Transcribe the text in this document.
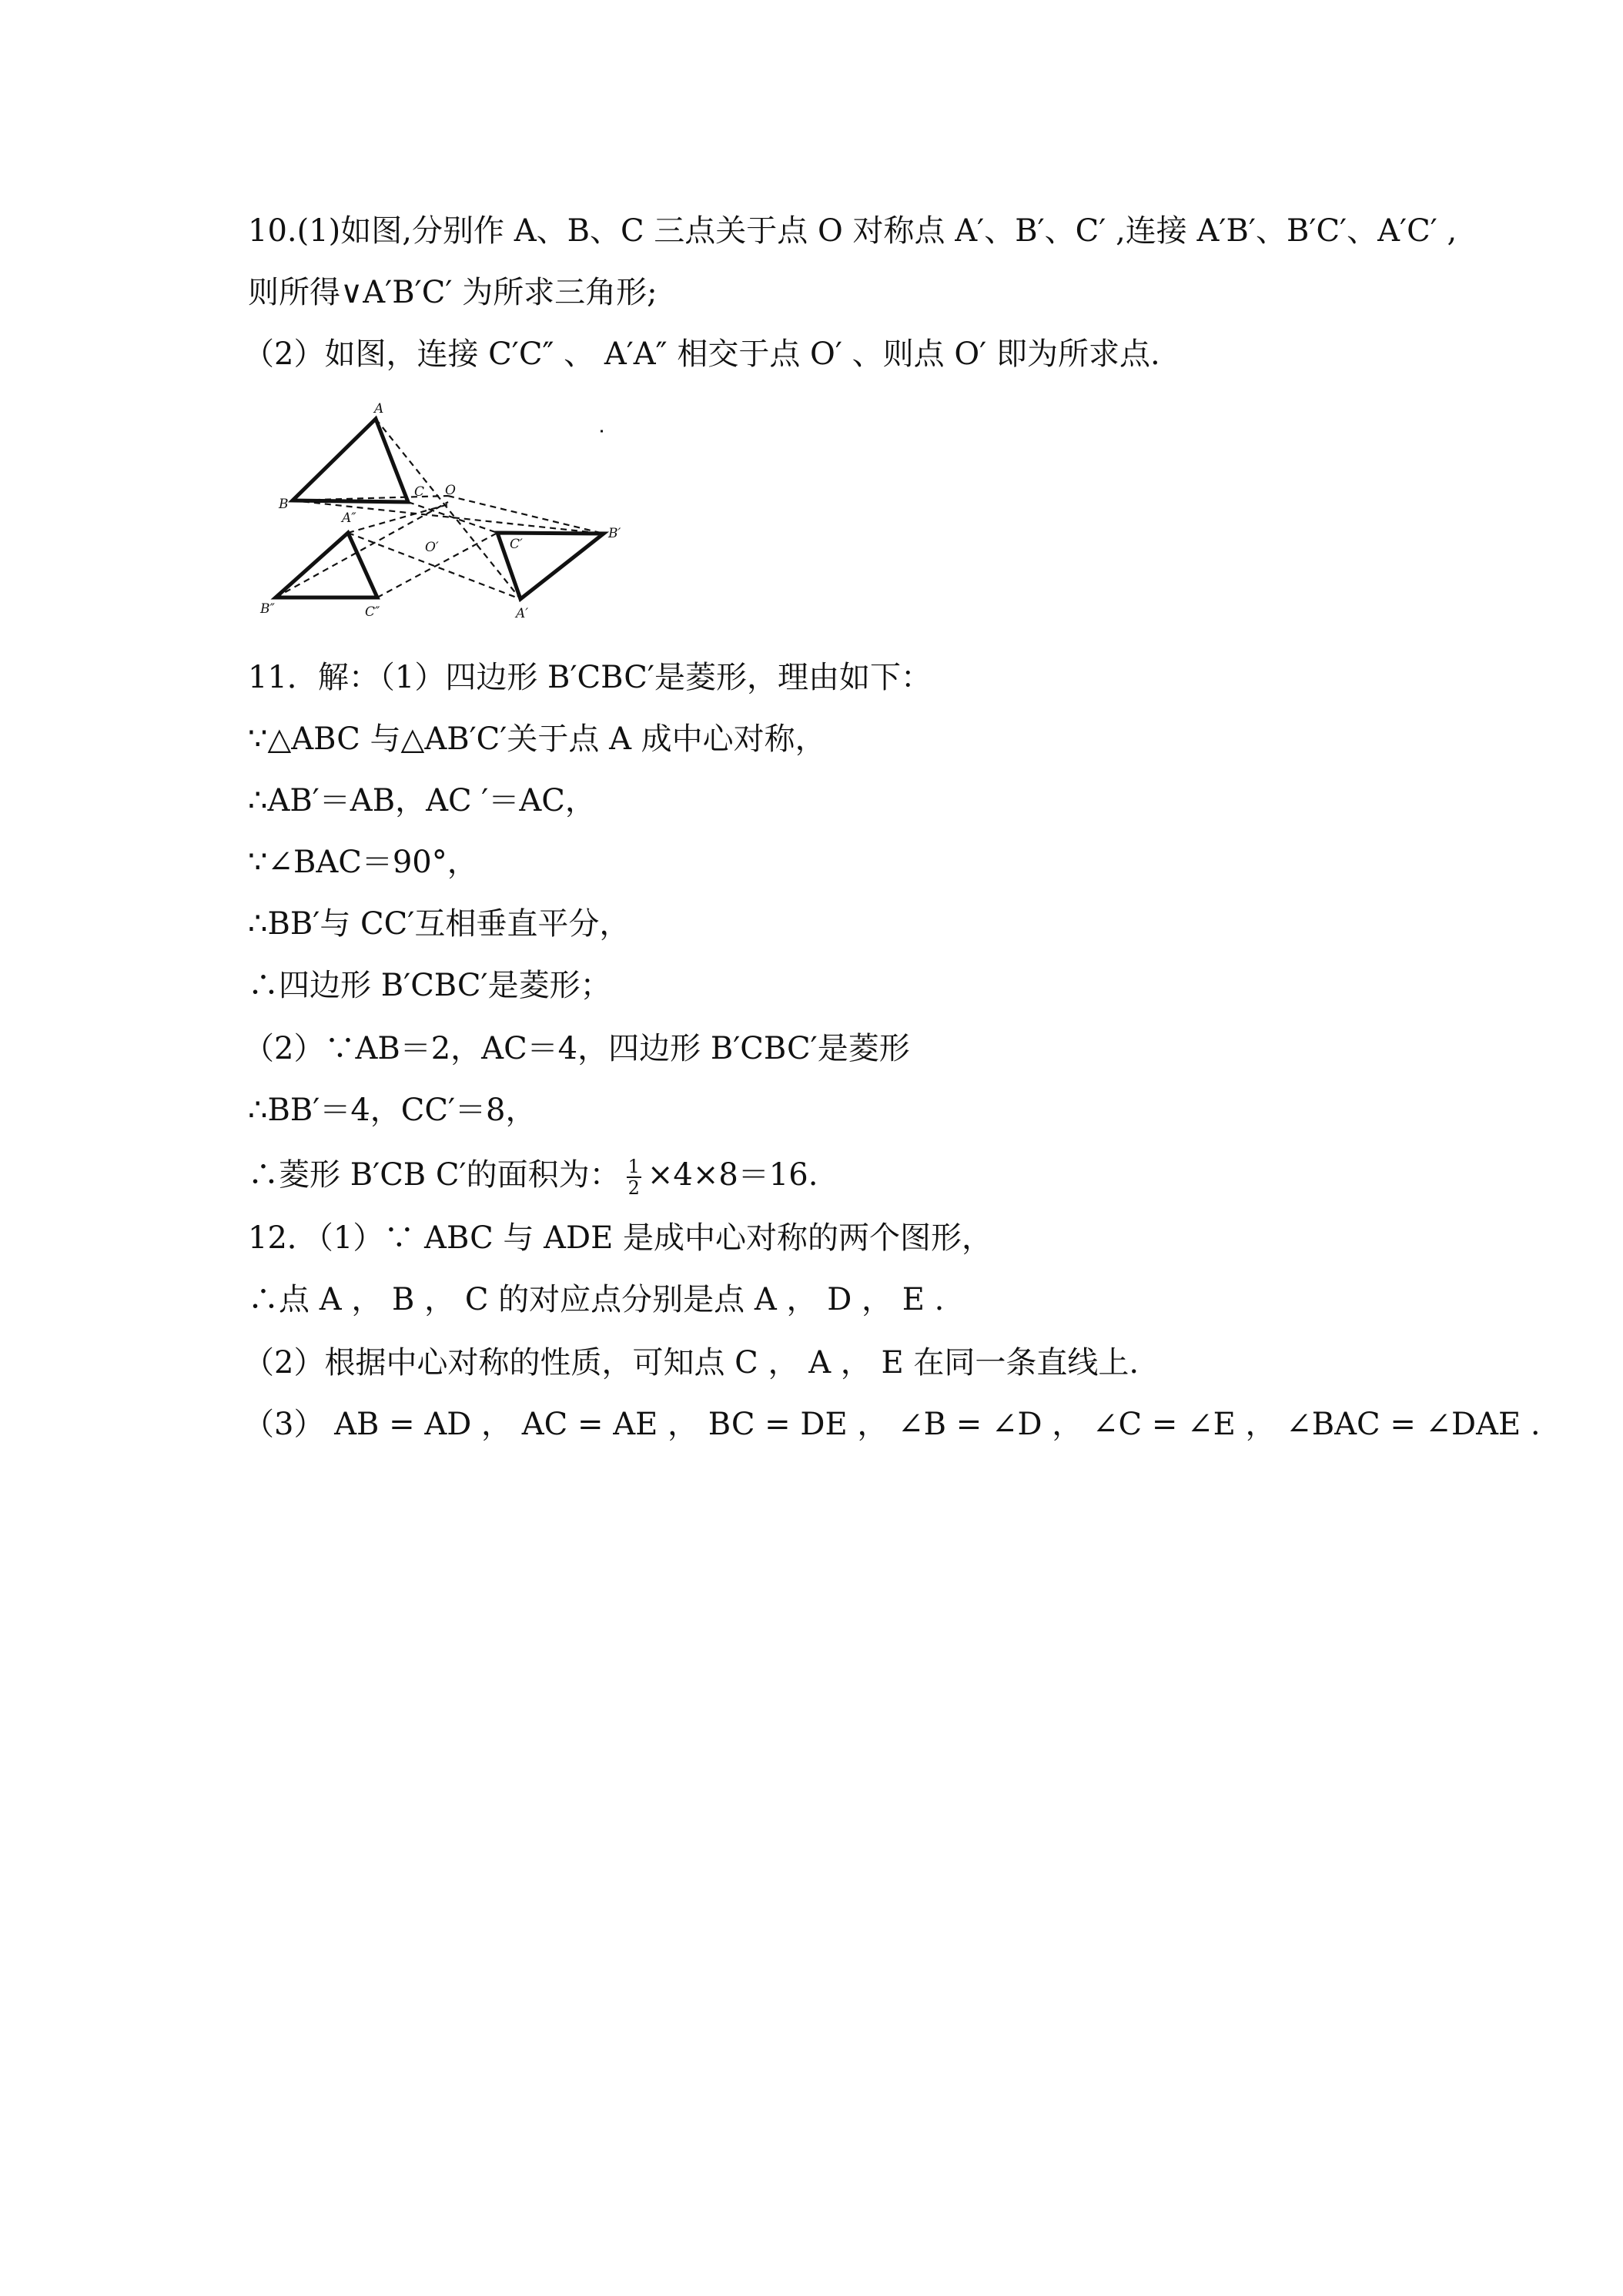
10.(1)如图,分别作 A、B、C 三点关于点 O 对称点 A′、B′、C′ ,连接 A′B′、B′C′、A′C′ ,
则所得∨A′B′C′ 为所求三角形;
（2）如图，连接 C′C″ 、 A′A″ 相交于点 O′ 、则点 O′ 即为所求点.
A
B
C O
A″
B″	C″
O′
A′
B′
C′
11．解：（1）四边形 B′CBC′是菱形，理由如下：
∵△ABC 与△AB′C′关于点 A 成中心对称，
∴AB′＝AB，AC ′＝AC，
∵∠BAC＝90°，
∴BB′与 CC′互相垂直平分，
∴四边形 B′CBC′是菱形；
（2）∵AB＝2，AC＝4，四边形 B′CBC′是菱形
∴BB′＝4，CC′＝8，
∴菱形 B′CB C′的面积为： $\frac{1}{2} \times 4\times 8=16$.
12．（1）∵ ABC 与 ADE 是成中心对称的两个图形，
∴点 A ， B ， C 的对应点分别是点 A ， D ， E .
（2）根据中心对称的性质，可知点 C ， A ， E 在同一条直线上.
（3） AB = AD ， AC = AE ， BC = DE ， ∠B = ∠D ， ∠C = ∠E ， ∠BAC = ∠DAE .
